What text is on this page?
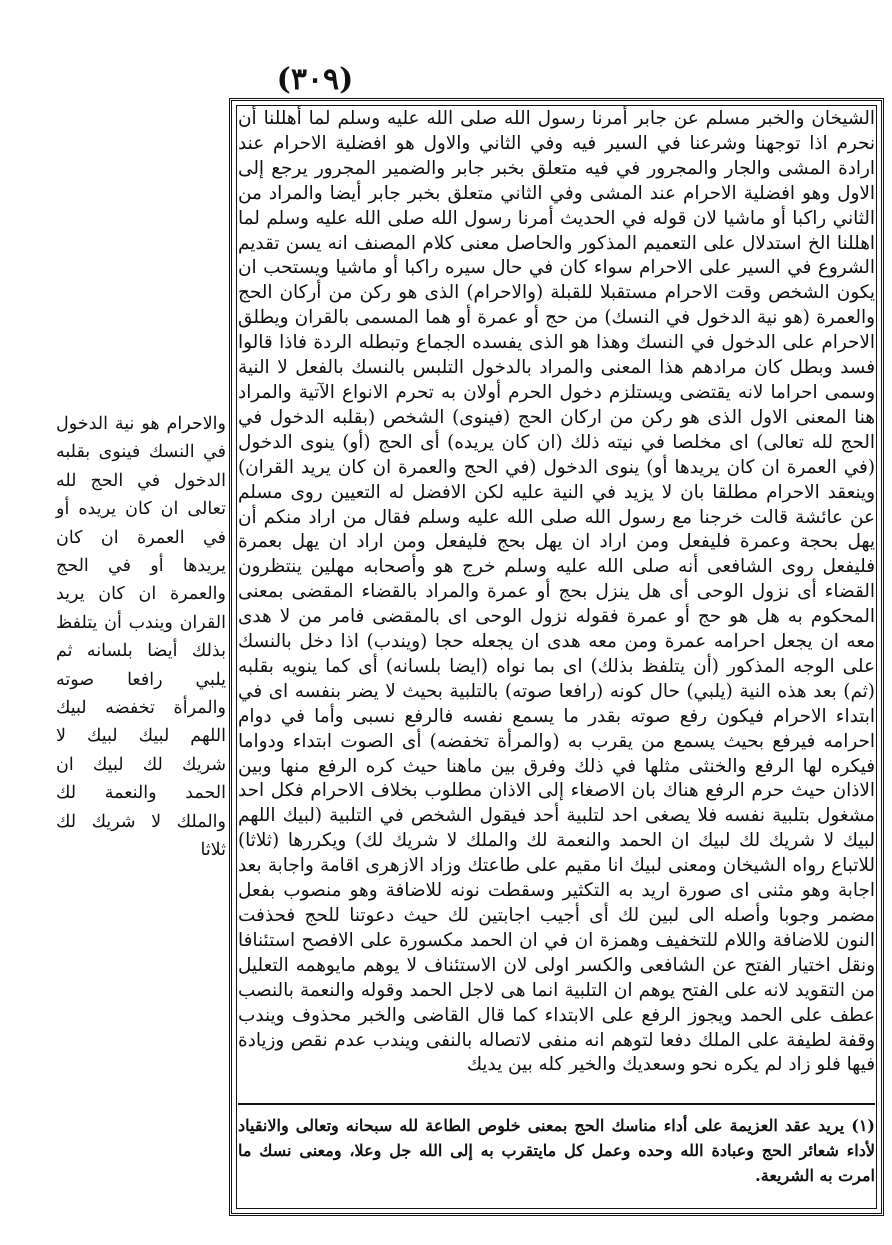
(٣٠٩)

والاحرام هو نية الدخول في النسك فينوى بقلبه الدخول في الحج لله تعالى ان كان يريده أو في العمرة ان كان يريدها أو في الحج والعمرة ان كان يريد القران ويندب أن يتلفظ بذلك أيضا بلسانه ثم يلبي رافعا صوته والمرأة تخفضه لبيك اللهم لبيك لبيك لا شريك لك لبيك ان الحمد والنعمة لك والملك لا شريك لك ثلاثا

الشيخان والخبر مسلم عن جابر أمرنا رسول الله صلى الله عليه وسلم لما أهللنا أن نحرم اذا توجهنا وشرعنا في السير فيه وفي الثاني والاول هو افضلية الاحرام عند ارادة المشى والجار والمجرور في فيه متعلق بخبر جابر والضمير المجرور يرجع إلى الاول وهو افضلية الاحرام عند المشى وفي الثاني متعلق بخبر جابر أيضا والمراد من الثاني راكبا أو ماشيا لان قوله في الحديث أمرنا رسول الله صلى الله عليه وسلم لما اهللنا الخ استدلال على التعميم المذكور والحاصل معنى كلام المصنف انه يسن تقديم الشروع في السير على الاحرام سواء كان في حال سيره راكبا أو ماشيا ويستحب ان يكون الشخص وقت الاحرام مستقبلا للقبلة (والاحرام) الذى هو ركن من أركان الحج والعمرة (هو نية الدخول في النسك) من حج أو عمرة أو هما المسمى بالقران ويطلق الاحرام على الدخول في النسك وهذا هو الذى يفسده الجماع وتبطله الردة فاذا قالوا فسد وبطل كان مرادهم هذا المعنى والمراد بالدخول التلبس بالنسك بالفعل لا النية وسمى احراما لانه يقتضى ويستلزم دخول الحرم أولان به تحرم الانواع الآتية والمراد هنا المعنى الاول الذى هو ركن من اركان الحج (فينوى) الشخص (بقلبه الدخول في الحج لله تعالى) اى مخلصا في نيته ذلك (ان كان يريده) أى الحج (أو) ينوى الدخول (في العمرة ان كان يريدها أو) ينوى الدخول (في الحج والعمرة ان كان يريد القران) وينعقد الاحرام مطلقا بان لا يزيد في النية عليه لكن الافضل له التعيين روى مسلم عن عائشة قالت خرجنا مع رسول الله صلى الله عليه وسلم فقال من اراد منكم أن يهل بحجة وعمرة فليفعل ومن اراد ان يهل بحج فليفعل ومن اراد ان يهل بعمرة فليفعل روى الشافعى أنه صلى الله عليه وسلم خرج هو وأصحابه مهلين ينتظرون القضاء أى نزول الوحى أى هل ينزل بحج أو عمرة والمراد بالقضاء المقضى بمعنى المحكوم به هل هو حج أو عمرة فقوله نزول الوحى اى بالمقضى فامر من لا هدى معه ان يجعل احرامه عمرة ومن معه هدى ان يجعله حجا (ويندب) اذا دخل بالنسك على الوجه المذكور (أن يتلفظ بذلك) اى بما نواه (ايضا بلسانه) أى كما ينويه بقلبه (ثم) بعد هذه النية (يلبي) حال كونه (رافعا صوته) بالتلبية بحيث لا يضر بنفسه اى في ابتداء الاحرام فيكون رفع صوته بقدر ما يسمع نفسه فالرفع نسبى وأما في دوام احرامه فيرفع بحيث يسمع من يقرب به (والمرأة تخفضه) أى الصوت ابتداء ودواما فيكره لها الرفع والخنثى مثلها في ذلك وفرق بين ماهنا حيث كره الرفع منها وبين الاذان حيث حرم الرفع هناك بان الاصغاء إلى الاذان مطلوب بخلاف الاحرام فكل احد مشغول بتلبية نفسه فلا يصغى احد لتلبية أحد فيقول الشخص في التلبية (لبيك اللهم لبيك لا شريك لك لبيك ان الحمد والنعمة لك والملك لا شريك لك) ويكررها (ثلاثا) للاتباع رواه الشيخان ومعنى لبيك انا مقيم على طاعتك وزاد الازهرى اقامة واجابة بعد اجابة وهو مثنى اى صورة اريد به التكثير وسقطت نونه للاضافة وهو منصوب بفعل مضمر وجوبا وأصله الى لبين لك أى أجيب اجابتين لك حيث دعوتنا للحج فحذفت النون للاضافة واللام للتخفيف وهمزة ان في ان الحمد مكسورة على الافصح استئنافا ونقل اختيار الفتح عن الشافعى والكسر اولى لان الاستئناف لا يوهم مايوهمه التعليل من التقويد لانه على الفتح يوهم ان التلبية انما هى لاجل الحمد وقوله والنعمة بالنصب عطف على الحمد ويجوز الرفع على الابتداء كما قال القاضى والخبر محذوف ويندب وقفة لطيفة على الملك دفعا لتوهم انه منفى لاتصاله بالنفى ويندب عدم نقص وزيادة فيها فلو زاد لم يكره نحو وسعديك والخير كله بين يديك

(١) يريد عقد العزيمة على أداء مناسك الحج بمعنى خلوص الطاعة لله سبحانه وتعالى والانقياد لأداء شعائر الحج وعبادة الله وحده وعمل كل مايتقرب به إلى الله جل وعلا، ومعنى نسك ما امرت به الشريعة.
